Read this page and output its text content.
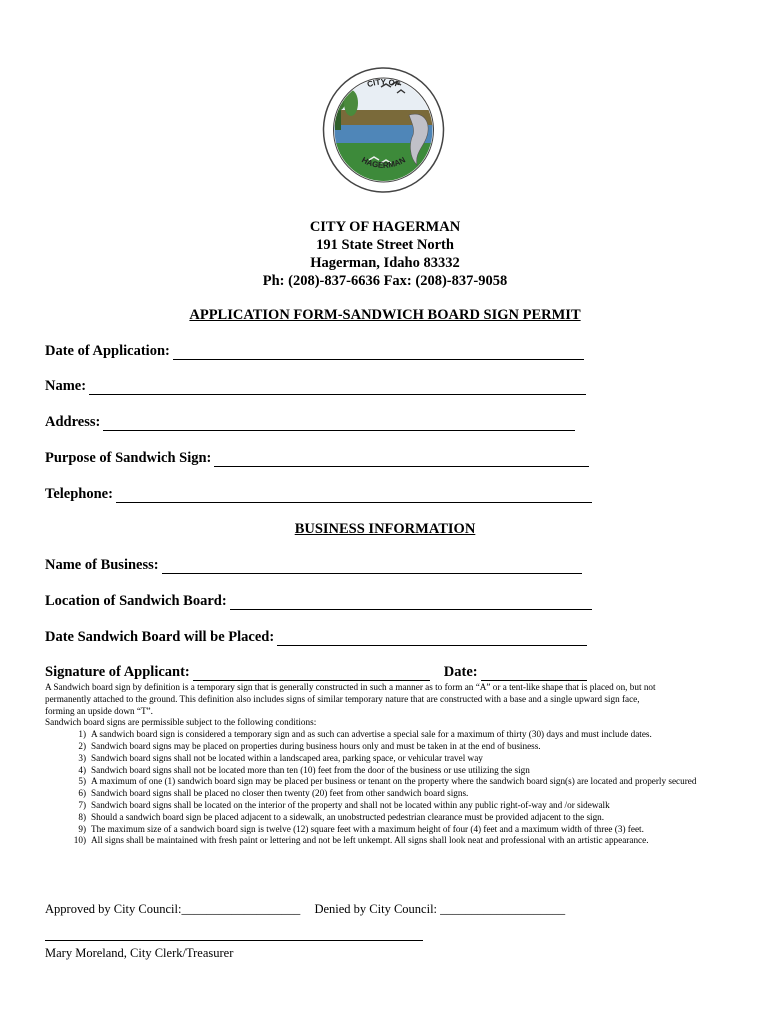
CITY OF
HAGERMAN
CITY OF HAGERMAN
191 State Street North
Hagerman, Idaho 83332
Ph: (208)-837-6636 Fax: (208)-837-9058
APPLICATION FORM-SANDWICH BOARD SIGN PERMIT
Date of Application:
Name:
Address:
Purpose of Sandwich Sign:
Telephone:
BUSINESS INFORMATION
Name of Business:
Location of Sandwich Board:
Date Sandwich Board will be Placed:
Signature of Applicant:	Date:

A Sandwich board sign by definition is a temporary sign that is generally constructed in such a manner as to form an “A” or a tent-like shape that is placed on, but not

permanently attached to the ground. This definition also includes signs of similar temporary nature that are constructed with a base and a single upward sign face,

forming an upside down “T”.

Sandwich board signs are permissible subject to the following conditions:

1) A sandwich board sign is considered a temporary sign and as such can advertise a special sale for a maximum of thirty (30) days and must include dates.
2) Sandwich board signs may be placed on properties during business hours only and must be taken in at the end of business.
3) Sandwich board signs shall not be located within a landscaped area, parking space, or vehicular travel way
4) Sandwich board signs shall not be located more than ten (10) feet from the door of the business or use utilizing the sign
5) A maximum of one (1) sandwich board sign may be placed per business or tenant on the property where the sandwich board sign(s) are located and properly secured
6) Sandwich board signs shall be placed no closer then twenty (20) feet from other sandwich board signs.
7) Sandwich board signs shall be located on the interior of the property and shall not be located within any public right-of-way and /or sidewalk
8) Should a sandwich board sign be placed adjacent to a sidewalk, an unobstructed pedestrian clearance must be provided adjacent to the sign.
9) The maximum size of a sandwich board sign is twelve (12) square feet with a maximum height of four (4) feet and a maximum width of three (3) feet.
10) All signs shall be maintained with fresh paint or lettering and not be left unkempt. All signs shall look neat and professional with an artistic appearance.
Approved by City Council:___________________ Denied by City Council: ____________________
Mary Moreland, City Clerk/Treasurer
